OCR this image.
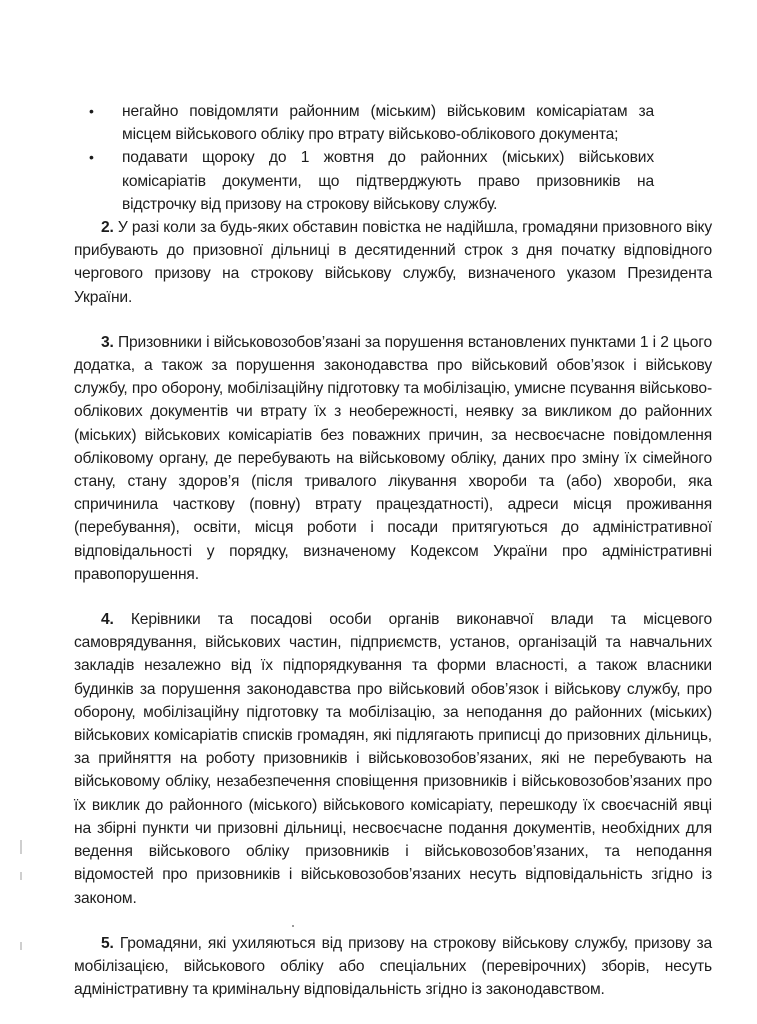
• негайно повідомляти районним (міським) військовим комісаріатам за місцем військового обліку про втрату військово-облікового документа;
• подавати щороку до 1 жовтня до районних (міських) військових комісаріатів документи, що підтверджують право призовників на відстрочку від призову на строкову військову службу.

2. У разі коли за будь-яких обставин повістка не надійшла, громадяни призовного віку прибувають до призовної дільниці в десятиденний строк з дня початку відповідного чергового призову на строкову військову службу, визначеного указом Президента України.

3. Призовники і військовозобов’язані за порушення встановлених пунктами 1 і 2 цього додатка, а також за порушення законодавства про військовий обов’язок і військову службу, про оборону, мобілізаційну підготовку та мобілізацію, умисне псування військово-облікових документів чи втрату їх з необережності, неявку за викликом до районних (міських) військових комісаріатів без поважних причин, за несвоєчасне повідомлення обліковому органу, де перебувають на військовому обліку, даних про зміну їх сімейного стану, стану здоров’я (після тривалого лікування хвороби та (або) хвороби, яка спричинила часткову (повну) втрату працездатності), адреси місця проживання (перебування), освіти, місця роботи і посади притягуються до адміністративної відповідальності у порядку, визначеному Кодексом України про адміністративні правопорушення.

4. Керівники та посадові особи органів виконавчої влади та місцевого самоврядування, військових частин, підприємств, установ, організацій та навчальних закладів незалежно від їх підпорядкування та форми власності, а також власники будинків за порушення законодавства про військовий обов’язок і військову службу, про оборону, мобілізаційну підготовку та мобілізацію, за неподання до районних (міських) військових комісаріатів списків громадян, які підлягають приписці до призовних дільниць, за прийняття на роботу призовників і військовозобов’язаних, які не перебувають на військовому обліку, незабезпечення сповіщення призовників і військовозобов’язаних про їх виклик до районного (міського) військового комісаріату, перешкоду їх своєчасній явці на збірні пункти чи призовні дільниці, несвоєчасне подання документів, необхідних для ведення військового обліку призовників і військовозобов’язаних, та неподання відомостей про призовників і військовозобов’язаних несуть відповідальність згідно із законом.

5. Громадяни, які ухиляються від призову на строкову військову службу, призову за мобілізацією, військового обліку або спеціальних (перевірочних) зборів, несуть адміністративну та кримінальну відповідальність згідно із законодавством.
